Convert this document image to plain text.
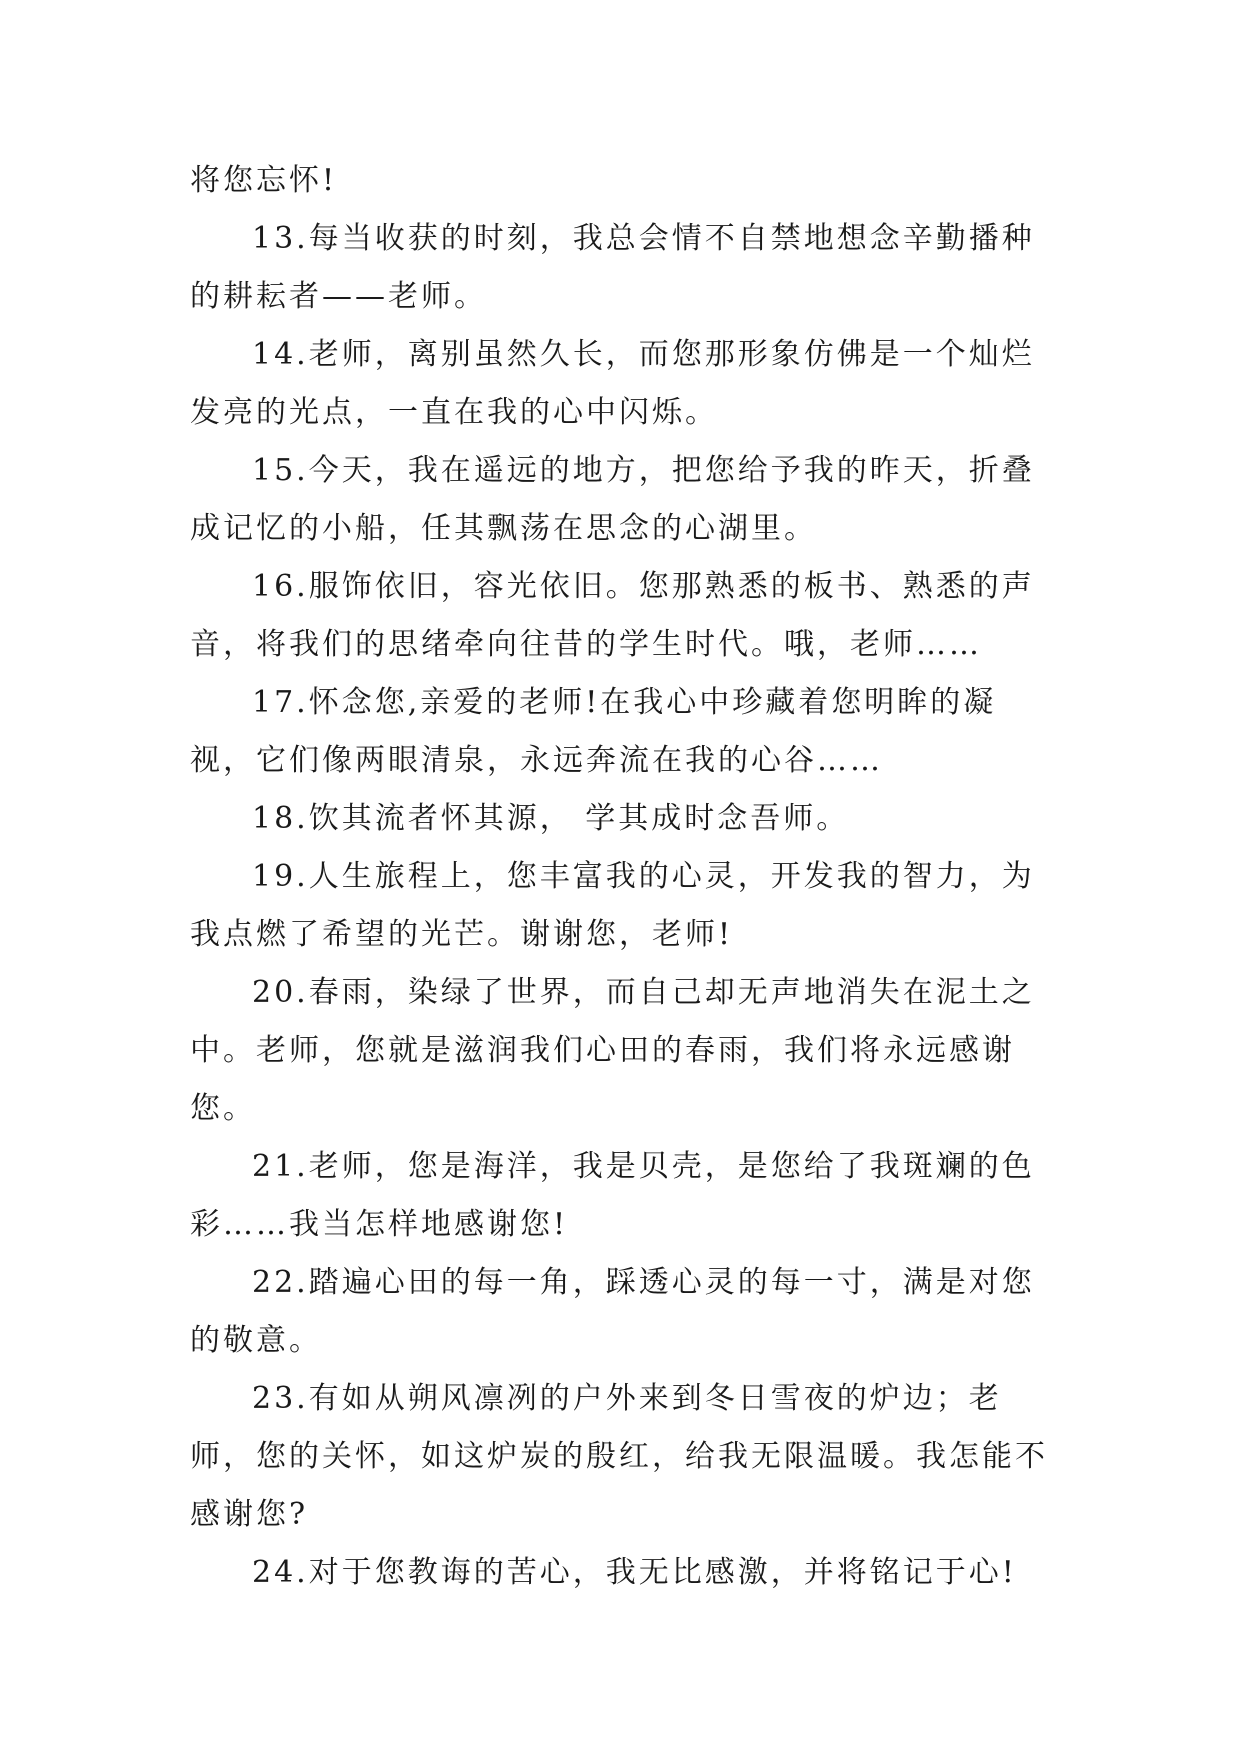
将您忘怀!

13.每当收获的时刻，我总会情不自禁地想念辛勤播种的耕耘者——老师。

14.老师，离别虽然久长，而您那形象仿佛是一个灿烂发亮的光点，一直在我的心中闪烁。

15.今天，我在遥远的地方，把您给予我的昨天，折叠成记忆的小船，任其飘荡在思念的心湖里。

16.服饰依旧，容光依旧。您那熟悉的板书、熟悉的声音，将我们的思绪牵向往昔的学生时代。哦，老师……

17.怀念您,亲爱的老师!在我心中珍藏着您明眸的凝视，它们像两眼清泉，永远奔流在我的心谷……

18.饮其流者怀其源， 学其成时念吾师。

19.人生旅程上，您丰富我的心灵，开发我的智力，为我点燃了希望的光芒。谢谢您，老师!

20.春雨，染绿了世界，而自己却无声地消失在泥土之中。老师，您就是滋润我们心田的春雨，我们将永远感谢您。

21.老师，您是海洋，我是贝壳，是您给了我斑斓的色彩……我当怎样地感谢您!

22.踏遍心田的每一角，踩透心灵的每一寸，满是对您的敬意。

23.有如从朔风凛冽的户外来到冬日雪夜的炉边；老师，您的关怀，如这炉炭的殷红，给我无限温暖。我怎能不感谢您?

24.对于您教诲的苦心，我无比感激，并将铭记于心!
